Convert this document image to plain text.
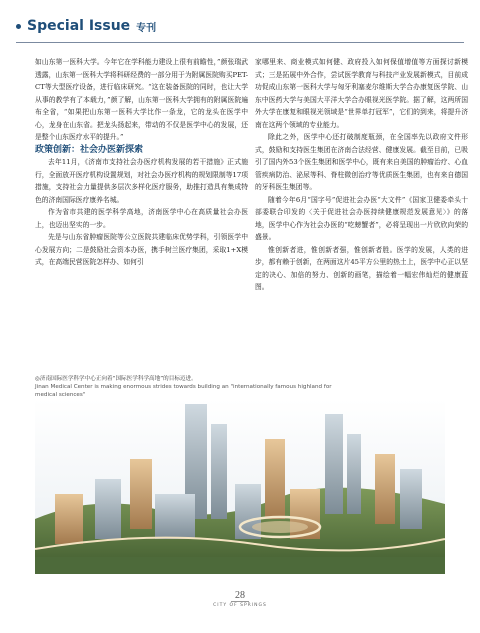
Special Issue 专刊

如山东第一医科大学。今年它在学科能力建设上很有前瞻性，”颜张瑞武透露，山东第一医科大学将科研经费的一部分用于为附属医院购买PET-CT等大型医疗设备，进行临床研究。“这在装备医院的同时，也让大学从事的教学有了本载力，”颜了解，山东第一医科大学拥有的附属医院遍布全省，“如果把山东第一医科大学比作一条龙，它的龙头在医学中心，龙身在山东省。把龙头扬起来，带动的不仅是医学中心的发展，还是整个山东医疗水平的提升。”

政策创新：社会办医新探索

去年11月，《济南市支持社会办医疗机构发展的若干措施》正式施行，全面放开医疗机构设置规划，对社会办医疗机构的规划限制等17项措施，支持社会力量提供多层次多样化医疗服务，助推打造具有集成特色的济南国际医疗康养名城。

作为省市共建的医学科学高地，济南医学中心在高质量社会办医上，也迈出坚实的一步。

先是与山东省肿瘤医院等公立医院共建临床优势学科，引领医学中心发展方向；二是鼓励社会资本办医，携手树兰医疗集团，采取1+X模式，在高端民营医院怎样办、如何引

家哪里来、商业模式如何健、政府投入如何保值增值等方面探讨新模式；三是拓展中外合作，尝试医学教育与科技产业发展新模式，目前成功促成山东第一医科大学与匈牙利塞麦尔维斯大学合办康复医学院、山东中医药大学与美国大平洋大学合办眼视光医学院。据了解，这两所国外大学在康复和眼视光领域是“世界单打冠军”，它们的到来，将提升济南在这两个领域的专业能力。

除此之外，医学中心还打破制度瓶颈，在全国率先以政府文件形式，鼓励和支持医生集团在济南合法经营、健康发展。截至目前，已吸引了国内外53个医生集团和医学中心，既有来自美国的肿瘤治疗、心血管疾病防治、泌尿等科、脊柱微创治疗等优质医生集团，也有来自德国的牙科医生集团等。

随着今年6月“国字号”促进社会办医“大文件”《国家卫健委牵头十部委联合印发的〈关于促进社会办医持续健康规范发展意见〉》的落地，医学中心作为社会办医的“吃螃蟹者”，必将呈现出一片欣欣向荣的盛景。

惟创新者进，惟创新者强，惟创新者胜。医学的发展，人类的进步，都有赖于创新，在两面这片45平方公里的热土上，医学中心正以坚定的决心、加倍的努力、创新的画笔，描绘着一幅宏伟灿烂的健康蓝图。

◎济南国际医学科学中心正向着“国际医学科学高地”的目标迈进。
Jinan Medical Center is making enormous strides towards building an "internationally famous highland for medical sciences"
28
CITY OF SPRINGS
